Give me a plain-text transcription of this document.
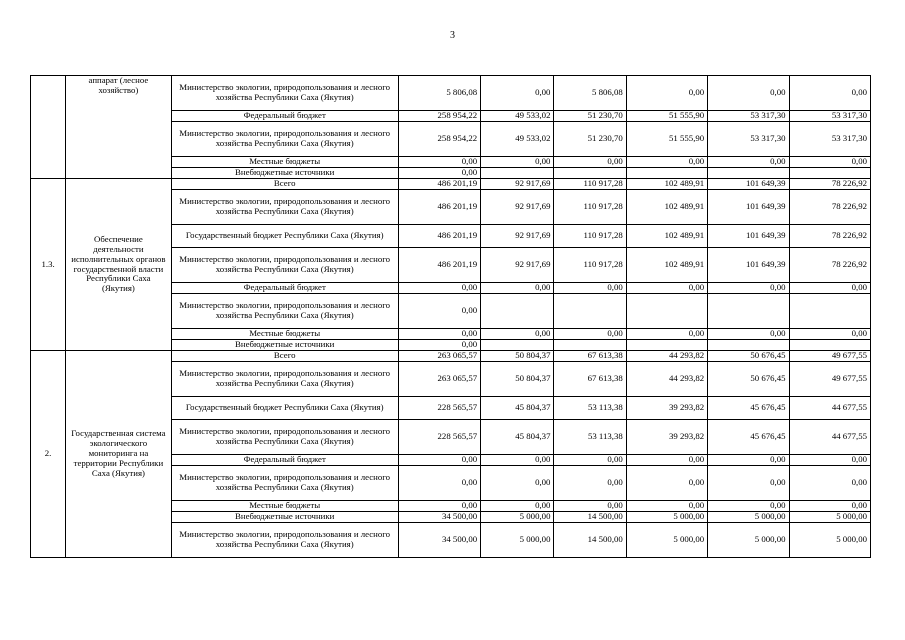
3
	аппарат (лесное хозяйство)	Министерство экологии, природопользования и лесного хозяйства Республики Саха (Якутия)	5 806,08	0,00	5 806,08	0,00	0,00	0,00
		Федеральный бюджет	258 954,22	49 533,02	51 230,70	51 555,90	53 317,30	53 317,30
		Министерство экологии, природопользования и лесного хозяйства Республики Саха (Якутия)	258 954,22	49 533,02	51 230,70	51 555,90	53 317,30	53 317,30
		Местные бюджеты	0,00	0,00	0,00	0,00	0,00	0,00
		Внебюджетные источники	0,00					
1.3.	Обеспечение деятельности исполнительных органов государственной власти Республики Саха (Якутия)	Всего	486 201,19	92 917,69	110 917,28	102 489,91	101 649,39	78 226,92
		Министерство экологии, природопользования и лесного хозяйства Республики Саха (Якутия)	486 201,19	92 917,69	110 917,28	102 489,91	101 649,39	78 226,92
		Государственный бюджет Республики Саха (Якутия)	486 201,19	92 917,69	110 917,28	102 489,91	101 649,39	78 226,92
		Министерство экологии, природопользования и лесного хозяйства Республики Саха (Якутия)	486 201,19	92 917,69	110 917,28	102 489,91	101 649,39	78 226,92
		Федеральный бюджет	0,00	0,00	0,00	0,00	0,00	0,00
		Министерство экологии, природопользования и лесного хозяйства Республики Саха (Якутия)	0,00					
		Местные бюджеты	0,00	0,00	0,00	0,00	0,00	0,00
		Внебюджетные источники	0,00					
2.	Государственная система экологического мониторинга на территории Республики Саха (Якутия)	Всего	263 065,57	50 804,37	67 613,38	44 293,82	50 676,45	49 677,55
		Министерство экологии, природопользования и лесного хозяйства Республики Саха (Якутия)	263 065,57	50 804,37	67 613,38	44 293,82	50 676,45	49 677,55
		Государственный бюджет Республики Саха (Якутия)	228 565,57	45 804,37	53 113,38	39 293,82	45 676,45	44 677,55
		Министерство экологии, природопользования и лесного хозяйства Республики Саха (Якутия)	228 565,57	45 804,37	53 113,38	39 293,82	45 676,45	44 677,55
		Федеральный бюджет	0,00	0,00	0,00	0,00	0,00	0,00
		Министерство экологии, природопользования и лесного хозяйства Республики Саха (Якутия)	0,00	0,00	0,00	0,00	0,00	0,00
		Местные бюджеты	0,00	0,00	0,00	0,00	0,00	0,00
		Внебюджетные источники	34 500,00	5 000,00	14 500,00	5 000,00	5 000,00	5 000,00
		Министерство экологии, природопользования и лесного хозяйства Республики Саха (Якутия)	34 500,00	5 000,00	14 500,00	5 000,00	5 000,00	5 000,00
